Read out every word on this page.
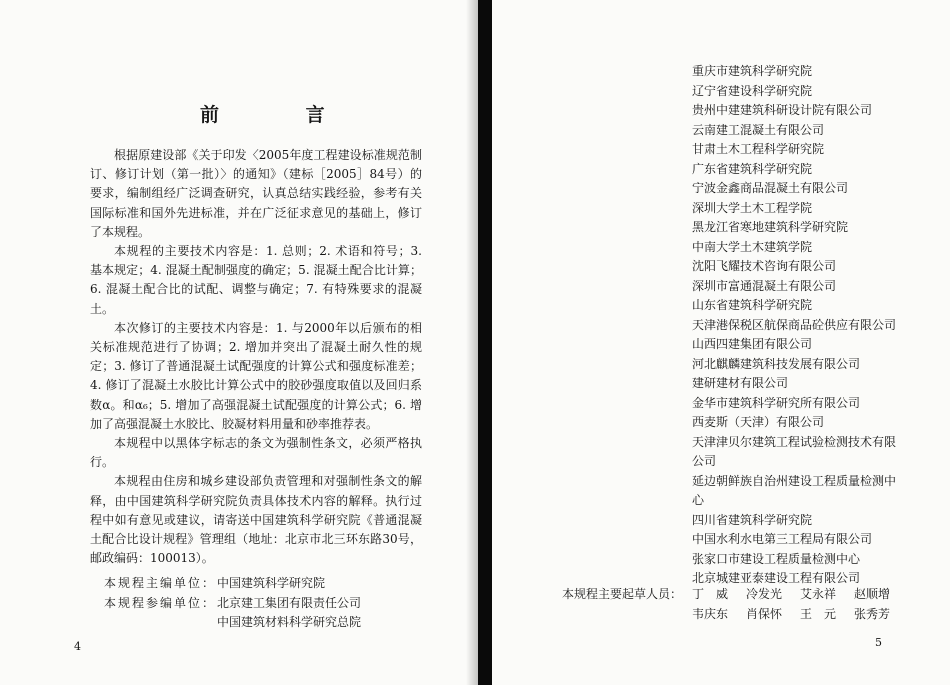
前 言

根据原建设部《关于印发〈2005年度工程建设标准规范制订、修订计划（第一批）〉的通知》（建标［2005］84号）的要求，编制组经广泛调查研究，认真总结实践经验，参考有关国际标准和国外先进标准，并在广泛征求意见的基础上，修订了本规程。

本规程的主要技术内容是：1. 总则；2. 术语和符号；3. 基本规定；4. 混凝土配制强度的确定；5. 混凝土配合比计算；6. 混凝土配合比的试配、调整与确定；7. 有特殊要求的混凝土。

本次修订的主要技术内容是：1. 与2000年以后颁布的相关标准规范进行了协调；2. 增加并突出了混凝土耐久性的规定；3. 修订了普通混凝土试配强度的计算公式和强度标准差；4. 修订了混凝土水胶比计算公式中的胶砂强度取值以及回归系数α。和α₆；5. 增加了高强混凝土试配强度的计算公式；6. 增加了高强混凝土水胶比、胶凝材料用量和砂率推荐表。

本规程中以黑体字标志的条文为强制性条文，必须严格执行。

本规程由住房和城乡建设部负责管理和对强制性条文的解释，由中国建筑科学研究院负责具体技术内容的解释。执行过程中如有意见或建议，请寄送中国建筑科学研究院《普通混凝土配合比设计规程》管理组（地址：北京市北三环东路30号，邮政编码：100013）。

本规程主编单位： 中国建筑科学研究院
本规程参编单位： 北京建工集团有限责任公司
中国建筑材料科学研究总院
4
重庆市建筑科学研究院
辽宁省建设科学研究院
贵州中建建筑科研设计院有限公司
云南建工混凝土有限公司
甘肃土木工程科学研究院
广东省建筑科学研究院
宁波金鑫商品混凝土有限公司
深圳大学土木工程学院
黑龙江省寒地建筑科学研究院
中南大学土木建筑学院
沈阳飞耀技术咨询有限公司
深圳市富通混凝土有限公司
山东省建筑科学研究院
天津港保税区航保商品砼供应有限公司
山西四建集团有限公司
河北麒麟建筑科技发展有限公司
建研建材有限公司
金华市建筑科学研究所有限公司
西麦斯（天津）有限公司
天津津贝尔建筑工程试验检测技术有限公司
延边朝鲜族自治州建设工程质量检测中心
四川省建筑科学研究院
中国水利水电第三工程局有限公司
张家口市建设工程质量检测中心
北京城建亚泰建设工程有限公司
本规程主要起草人员： 丁　威 冷发光 艾永祥 赵顺增
韦庆东 肖保怀 王　元 张秀芳
5
